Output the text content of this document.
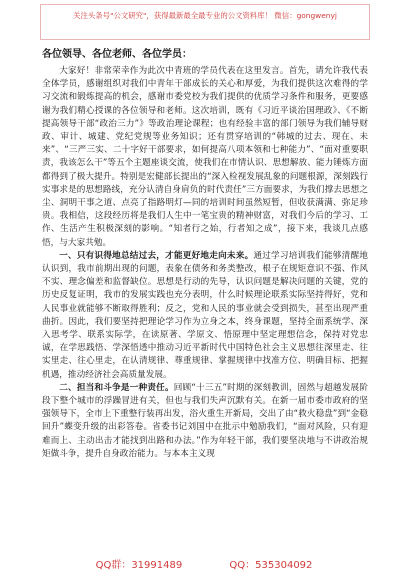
关注头条号"公文研究"，获得最新最全最专业的公文资料库！ 微信：gongwenyj

各位领导、各位老师、各位学员：

大家好！非常荣幸作为此次中青班的学员代表在这里发言。首先，请允许我代表全体学员，感谢组织对我们中青年干部成长的关心和厚爱，为我们提供这次难得的学习交流和锻炼提高的机会，感谢市委党校为我们提供的优质学习条件和服务，更要感谢为我们精心授课的各位领导和老师。这次培训，既有《习近平谈治国理政》、《不断提高领导干部“政治三力”》等政治理论课程；也有经验丰富的部门领导为我们辅导财政、审计、城建、党纪党规等业务知识；还有贯穿培训的“韩城的过去、现在、未来”、“三严三实、二十字好干部要求，如何提高八项本领和七种能力”、“面对重要职责，我该怎么干”等五个主题座谈交流，使我们在市情认识、思想解放、能力锤炼方面都得到了极大提升。特别是宏健部长提出的“深入检视发展乱象的问题根源，深刻践行实事求是的思想路线，充分认清自身肩负的时代责任”三方面要求，为我们撑去思想之尘、洞明干事之道、点亮了指路明灯—同的培训时间虽然短暂，但收获满满、弥足珍贵。我相信，这段经历将是我们人生中一笔宝贵的精神财富，对我们今后的学习、工作、生活产生积极深刻的影响。“知者行之始，行者知之成”，接下来，我谈几点感悟，与大家共勉。

一、只有识得地总结过去，才能更好地走向未来。通过学习培训我们能够清醒地认识到，我市前期出现的问题，表象在债务和务类整改，根子在规矩意识不强、作风不实、理念偏差和监督缺位。思想是行动的先导，认识问题是解决问题的关键，党的历史反复证明，我市的发展实践也充分表明，什么时候理论联系实际坚持得好，党和人民事业就能够不断取得胜利；反之，党和人民的事业就会受到损失，甚至出现严重曲折。因此，我们要坚持把理论学习作为立身之本，终身课题，坚持全面系统学、深入思考学、联系实际学，在读原著、学原文、悟原理中坚定理想信念，保持对党忠诚，在学思践悟、学深悟透中推动习近平新时代中国特色社会主义思想往深里走、往实里走、往心里走，在认清规律、尊重规律、掌握规律中找准方位、明确目标、把握机遇，推动经济社会高质量发展。

二、担当和斗争是一种责任。回顾“十三五”时期的深刻教训，固然与超越发展阶段下整个城市的浮躁冒进有关，但也与我们失声沉默有关。在新一届市委市政府的坚强领导下，全市上下重整行装再出发，浴火重生开新局，交出了由“救火稳盘”到“金稳回升”蝶变升级的出彩答卷。省委书记刘国中在批示中勉励我们，“面对风险，只有迎难而上、主动出击才能找到出路和办法。”作为年轻干部，我们要坚决地与不讲政治规矩做斗争，提升自身政治能力。与本本主义现

QQ群：31991489	QQ：535304092
